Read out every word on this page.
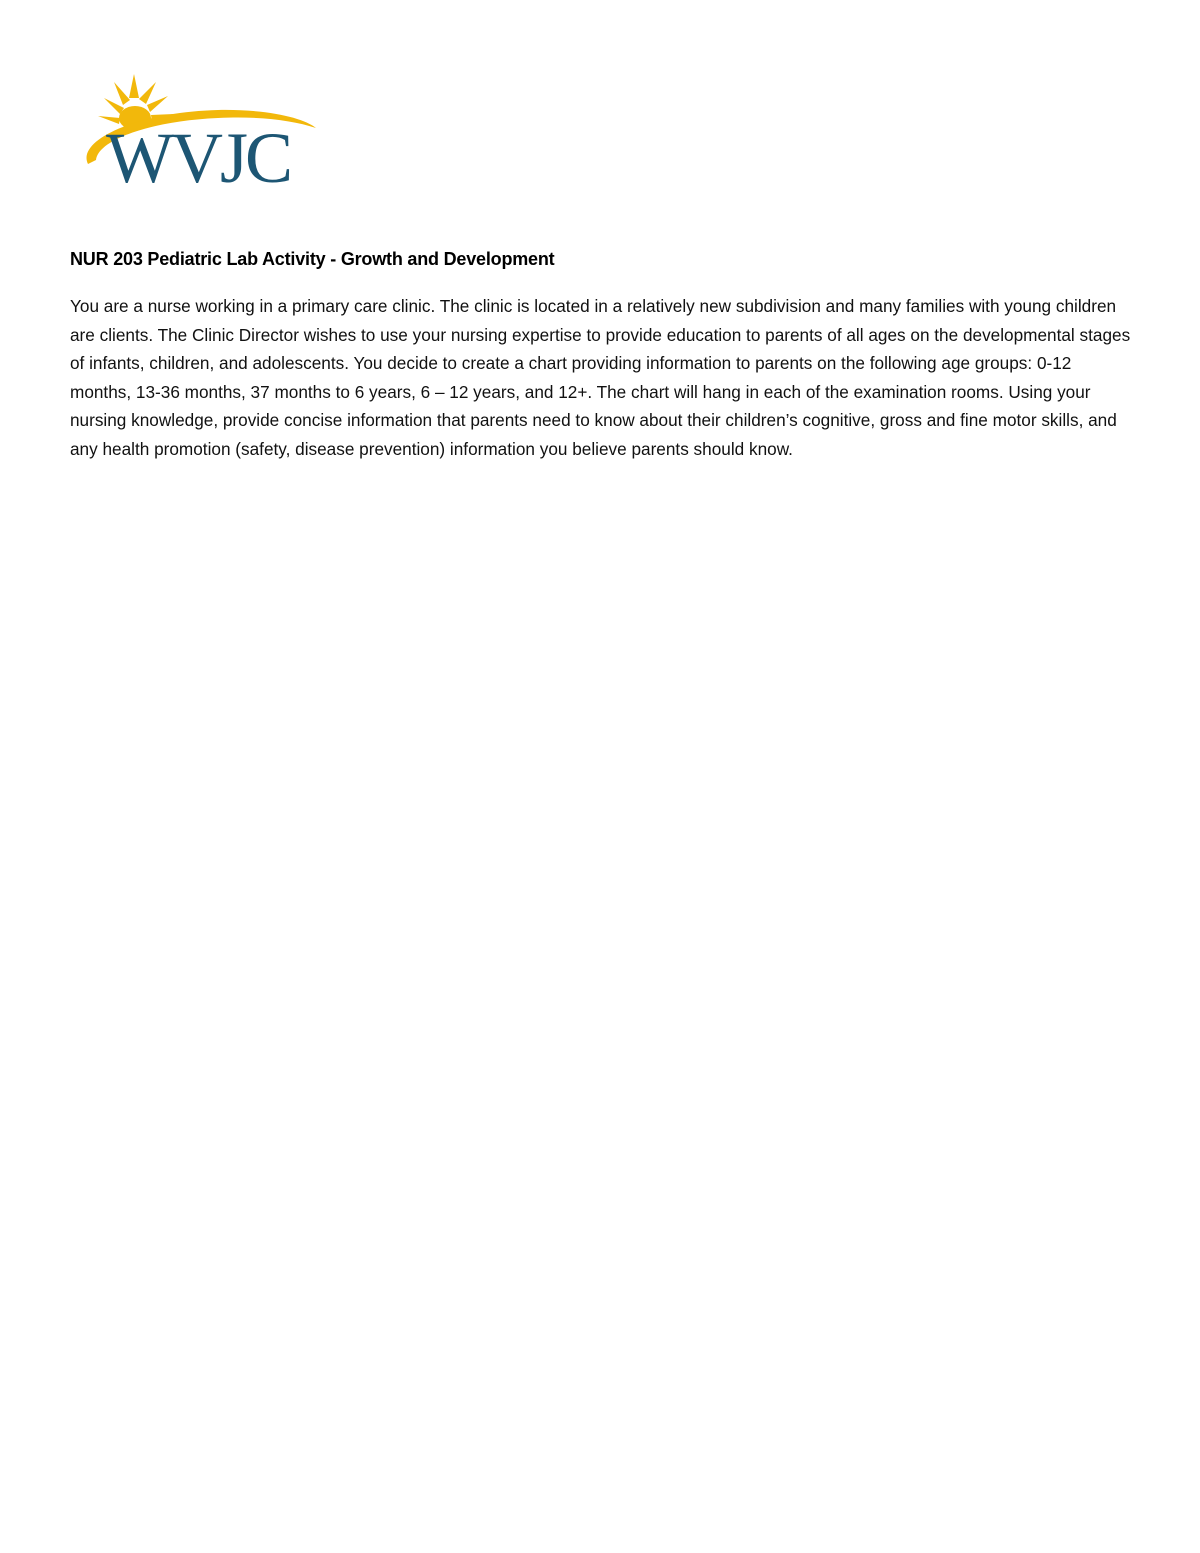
WVJC
NUR 203 Pediatric Lab Activity - Growth and Development

You are a nurse working in a primary care clinic. The clinic is located in a relatively new subdivision and many families with young children are clients. The Clinic Director wishes to use your nursing expertise to provide education to parents of all ages on the developmental stages of infants, children, and adolescents. You decide to create a chart providing information to parents on the following age groups: 0-12 months, 13-36 months, 37 months to 6 years, 6 – 12 years, and 12+. The chart will hang in each of the examination rooms. Using your nursing knowledge, provide concise information that parents need to know about their children’s cognitive, gross and fine motor skills, and any health promotion (safety, disease prevention) information you believe parents should know.
